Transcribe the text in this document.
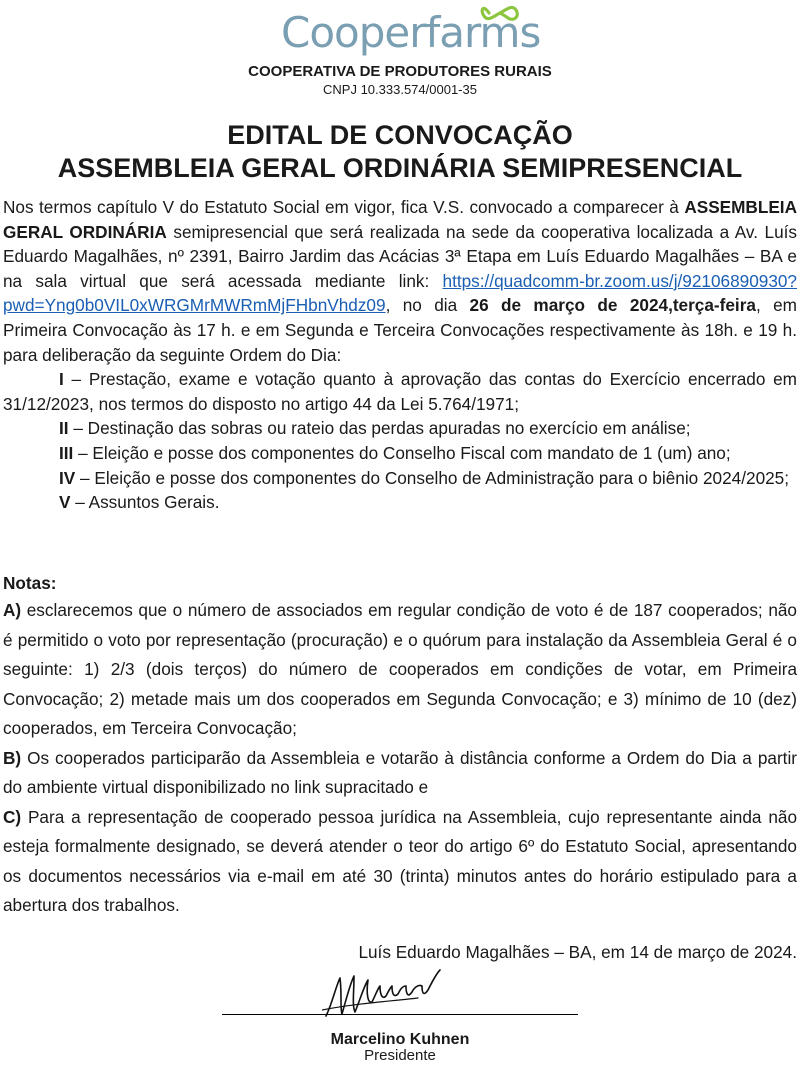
Cooperfarms
COOPERATIVA DE PRODUTORES RURAIS
CNPJ 10.333.574/0001-35
EDITAL DE CONVOCAÇÃO
ASSEMBLEIA GERAL ORDINÁRIA SEMIPRESENCIAL

Nos termos capítulo V do Estatuto Social em vigor, fica V.S. convocado a comparecer à ASSEMBLEIA GERAL ORDINÁRIA semipresencial que será realizada na sede da cooperativa localizada a Av. Luís Eduardo Magalhães, nº 2391, Bairro Jardim das Acácias 3ª Etapa em Luís Eduardo Magalhães – BA e na sala virtual que será acessada mediante link: https://quadcomm-br.zoom.us/j/92106890930?pwd=Yng0b0VIL0xWRGMrMWRmMjFHbnVhdz09, no dia 26 de março de 2024,terça-feira, em Primeira Convocação às 17 h. e em Segunda e Terceira Convocações respectivamente às 18h. e 19 h. para deliberação da seguinte Ordem do Dia:

I – Prestação, exame e votação quanto à aprovação das contas do Exercício encerrado em 31/12/2023, nos termos do disposto no artigo 44 da Lei 5.764/1971;

II – Destinação das sobras ou rateio das perdas apuradas no exercício em análise;

III – Eleição e posse dos componentes do Conselho Fiscal com mandato de 1 (um) ano;

IV – Eleição e posse dos componentes do Conselho de Administração para o biênio 2024/2025;

V – Assuntos Gerais.

Notas:

A) esclarecemos que o número de associados em regular condição de voto é de 187 cooperados; não é permitido o voto por representação (procuração) e o quórum para instalação da Assembleia Geral é o seguinte: 1) 2/3 (dois terços) do número de cooperados em condições de votar, em Primeira Convocação; 2) metade mais um dos cooperados em Segunda Convocação; e 3) mínimo de 10 (dez) cooperados, em Terceira Convocação;

B) Os cooperados participarão da Assembleia e votarão à distância conforme a Ordem do Dia a partir do ambiente virtual disponibilizado no link supracitado e

C) Para a representação de cooperado pessoa jurídica na Assembleia, cujo representante ainda não esteja formalmente designado, se deverá atender o teor do artigo 6º do Estatuto Social, apresentando os documentos necessários via e-mail em até 30 (trinta) minutos antes do horário estipulado para a abertura dos trabalhos.

Luís Eduardo Magalhães – BA, em 14 de março de 2024.
Marcelino Kuhnen
Presidente
